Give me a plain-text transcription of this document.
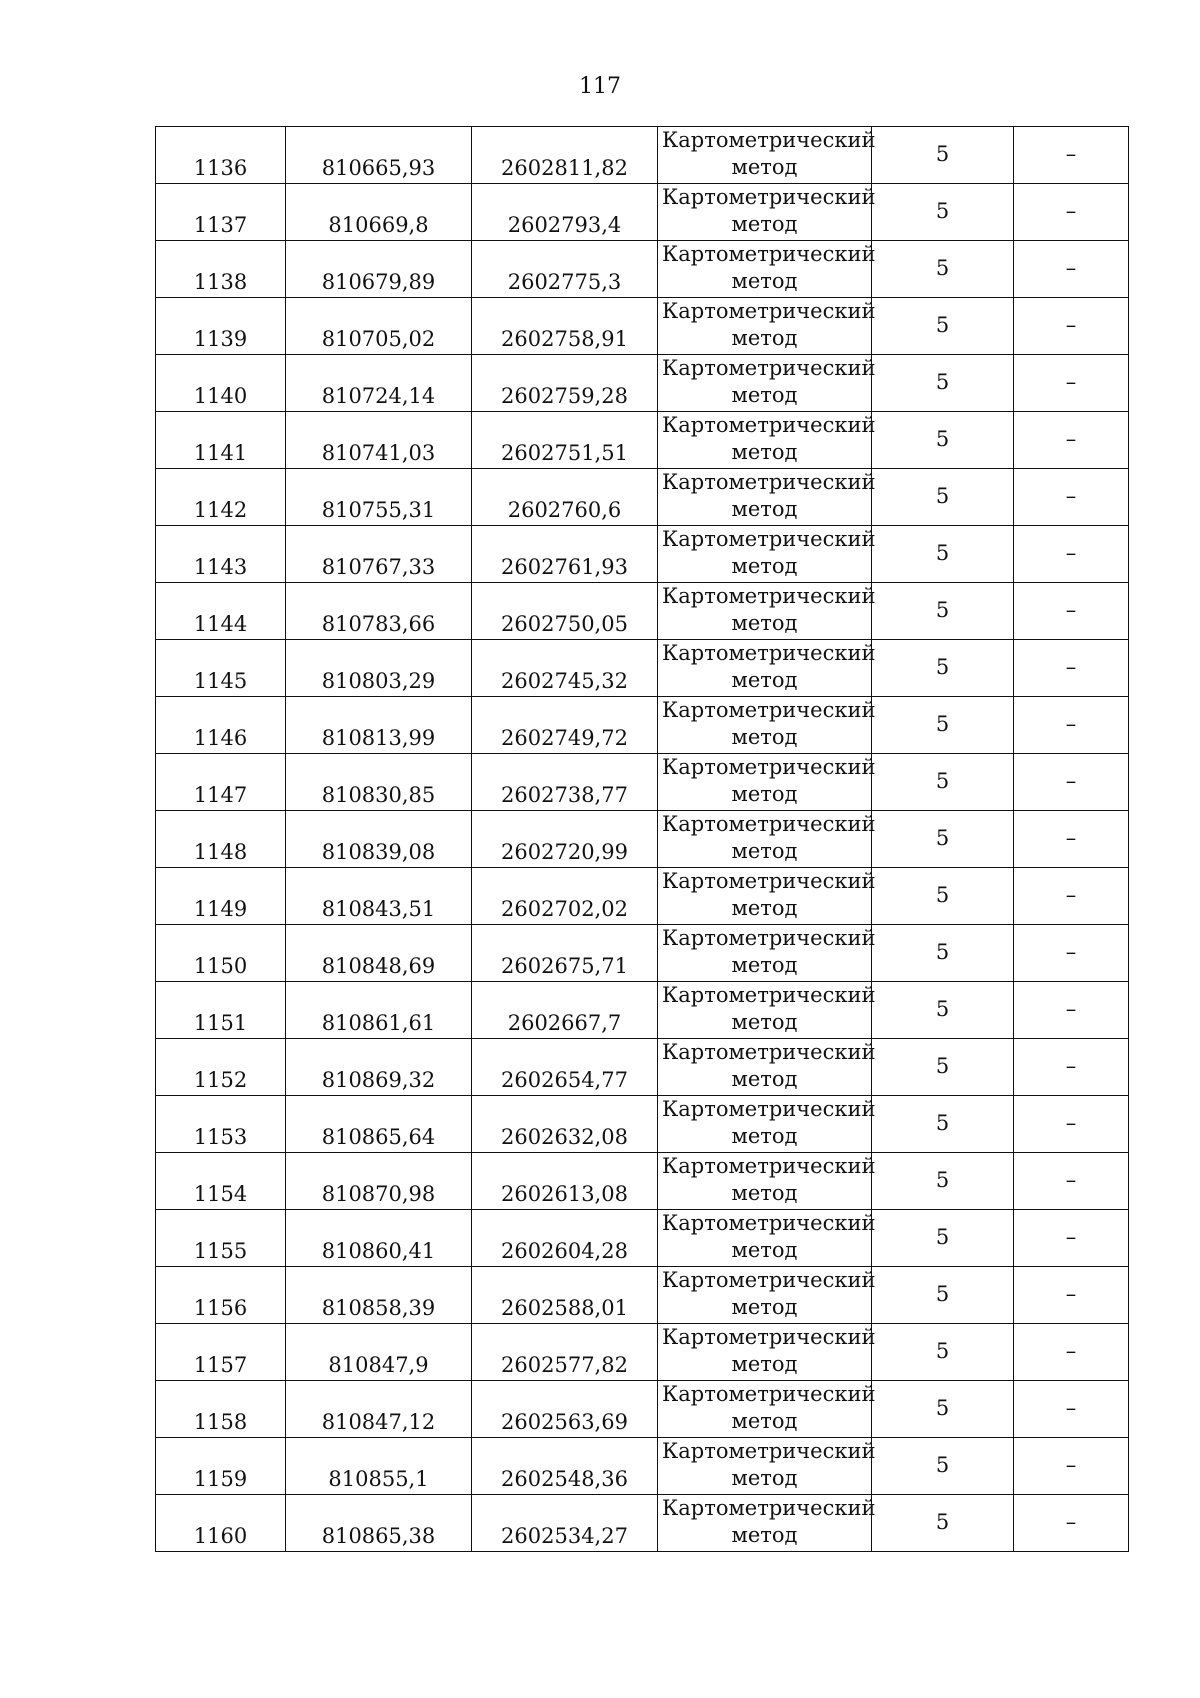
117
1136	810665,93	2602811,82	Картометрический
метод	5	–
1137	810669,8	2602793,4	Картометрический
метод	5	–
1138	810679,89	2602775,3	Картометрический
метод	5	–
1139	810705,02	2602758,91	Картометрический
метод	5	–
1140	810724,14	2602759,28	Картометрический
метод	5	–
1141	810741,03	2602751,51	Картометрический
метод	5	–
1142	810755,31	2602760,6	Картометрический
метод	5	–
1143	810767,33	2602761,93	Картометрический
метод	5	–
1144	810783,66	2602750,05	Картометрический
метод	5	–
1145	810803,29	2602745,32	Картометрический
метод	5	–
1146	810813,99	2602749,72	Картометрический
метод	5	–
1147	810830,85	2602738,77	Картометрический
метод	5	–
1148	810839,08	2602720,99	Картометрический
метод	5	–
1149	810843,51	2602702,02	Картометрический
метод	5	–
1150	810848,69	2602675,71	Картометрический
метод	5	–
1151	810861,61	2602667,7	Картометрический
метод	5	–
1152	810869,32	2602654,77	Картометрический
метод	5	–
1153	810865,64	2602632,08	Картометрический
метод	5	–
1154	810870,98	2602613,08	Картометрический
метод	5	–
1155	810860,41	2602604,28	Картометрический
метод	5	–
1156	810858,39	2602588,01	Картометрический
метод	5	–
1157	810847,9	2602577,82	Картометрический
метод	5	–
1158	810847,12	2602563,69	Картометрический
метод	5	–
1159	810855,1	2602548,36	Картометрический
метод	5	–
1160	810865,38	2602534,27	Картометрический
метод	5	–
